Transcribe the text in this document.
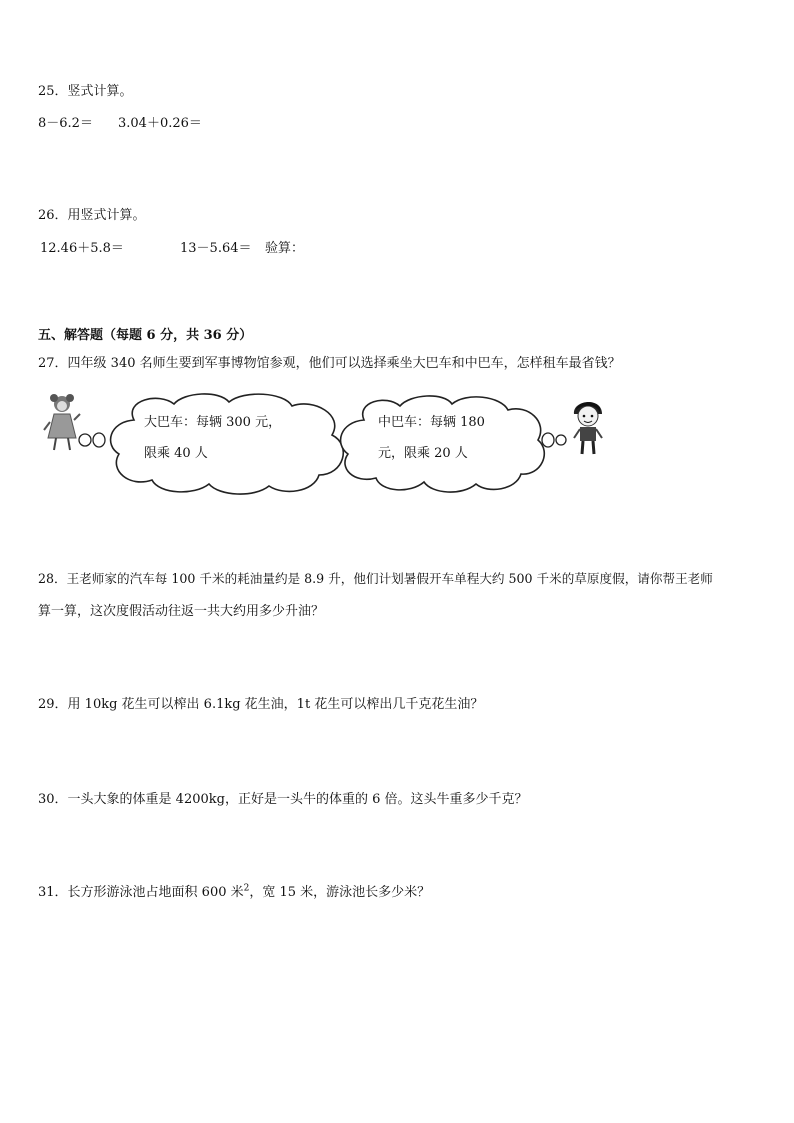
25．竖式计算。
8－6.2＝ 3.04＋0.26＝
26．用竖式计算。
12.46＋5.8＝	13－5.64＝ 验算：
五、解答题（每题 6 分，共 36 分）
27．四年级 340 名师生要到军事博物馆参观，他们可以选择乘坐大巴车和中巴车，怎样租车最省钱？
大巴车：每辆 300 元，
限乘 40 人
中巴车：每辆 180
元，限乘 20 人
28．王老师家的汽车每 100 千米的耗油量约是 8.9 升，他们计划暑假开车单程大约 500 千米的草原度假，请你帮王老师
算一算，这次度假活动往返一共大约用多少升油？
29．用 10kg 花生可以榨出 6.1kg 花生油，1t 花生可以榨出几千克花生油？
30．一头大象的体重是 4200kg，正好是一头牛的体重的 6 倍。这头牛重多少千克？
31．长方形游泳池占地面积 600 米$^2$，宽 15 米，游泳池长多少米？
